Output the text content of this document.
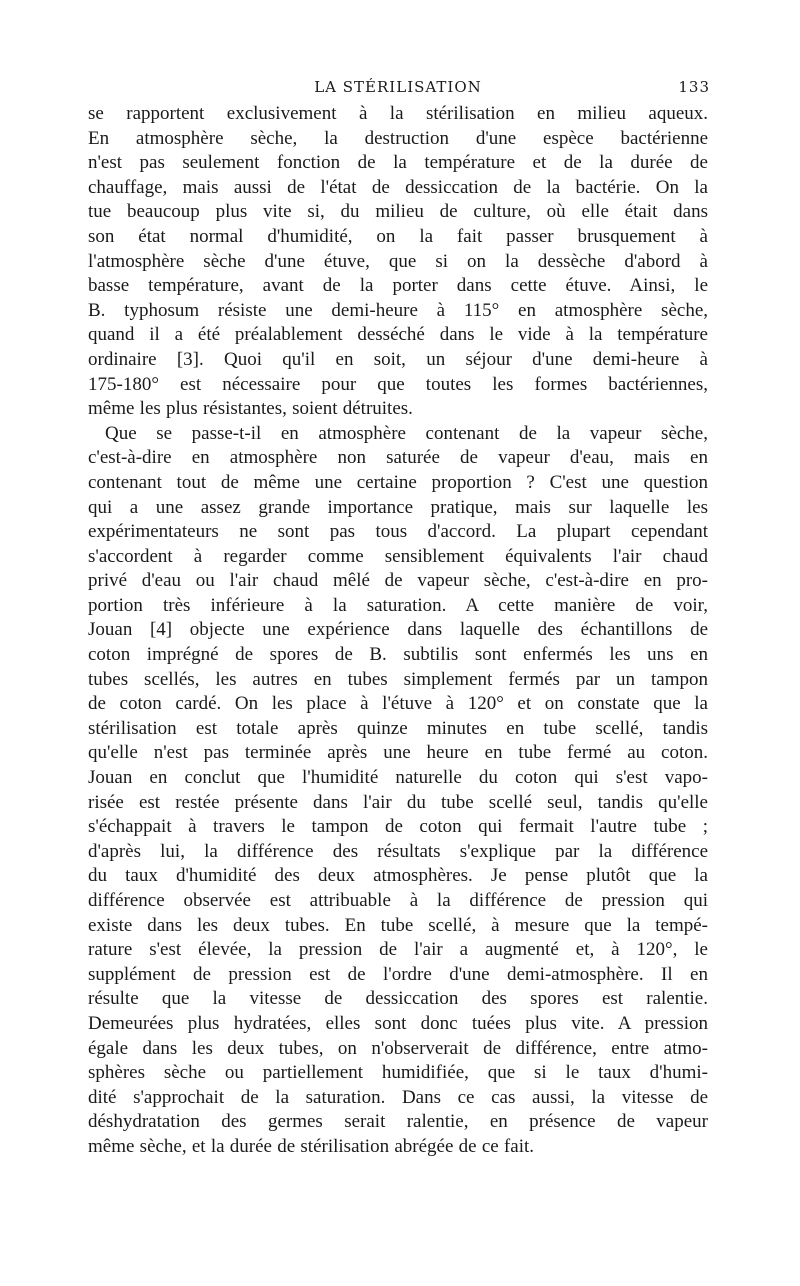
LA STÉRILISATION	133
se rapportent exclusivement à la stérilisation en milieu aqueux.
En atmosphère sèche, la destruction d'une espèce bactérienne
n'est pas seulement fonction de la température et de la durée de
chauffage, mais aussi de l'état de dessiccation de la bactérie. On la
tue beaucoup plus vite si, du milieu de culture, où elle était dans
son état normal d'humidité, on la fait passer brusquement à
l'atmosphère sèche d'une étuve, que si on la dessèche d'abord à
basse température, avant de la porter dans cette étuve. Ainsi, le
B. typhosum résiste une demi-heure à 115° en atmosphère sèche,
quand il a été préalablement desséché dans le vide à la température
ordinaire [3]. Quoi qu'il en soit, un séjour d'une demi-heure à
175-180° est nécessaire pour que toutes les formes bactériennes,
même les plus résistantes, soient détruites.
Que se passe-t-il en atmosphère contenant de la vapeur sèche,
c'est-à-dire en atmosphère non saturée de vapeur d'eau, mais en
contenant tout de même une certaine proportion ? C'est une question
qui a une assez grande importance pratique, mais sur laquelle les
expérimentateurs ne sont pas tous d'accord. La plupart cependant
s'accordent à regarder comme sensiblement équivalents l'air chaud
privé d'eau ou l'air chaud mêlé de vapeur sèche, c'est-à-dire en pro-
portion très inférieure à la saturation. A cette manière de voir,
Jouan [4] objecte une expérience dans laquelle des échantillons de
coton imprégné de spores de B. subtilis sont enfermés les uns en
tubes scellés, les autres en tubes simplement fermés par un tampon
de coton cardé. On les place à l'étuve à 120° et on constate que la
stérilisation est totale après quinze minutes en tube scellé, tandis
qu'elle n'est pas terminée après une heure en tube fermé au coton.
Jouan en conclut que l'humidité naturelle du coton qui s'est vapo-
risée est restée présente dans l'air du tube scellé seul, tandis qu'elle
s'échappait à travers le tampon de coton qui fermait l'autre tube ;
d'après lui, la différence des résultats s'explique par la différence
du taux d'humidité des deux atmosphères. Je pense plutôt que la
différence observée est attribuable à la différence de pression qui
existe dans les deux tubes. En tube scellé, à mesure que la tempé-
rature s'est élevée, la pression de l'air a augmenté et, à 120°, le
supplément de pression est de l'ordre d'une demi-atmosphère. Il en
résulte que la vitesse de dessiccation des spores est ralentie.
Demeurées plus hydratées, elles sont donc tuées plus vite. A pression
égale dans les deux tubes, on n'observerait de différence, entre atmo-
sphères sèche ou partiellement humidifiée, que si le taux d'humi-
dité s'approchait de la saturation. Dans ce cas aussi, la vitesse de
déshydratation des germes serait ralentie, en présence de vapeur
même sèche, et la durée de stérilisation abrégée de ce fait.
